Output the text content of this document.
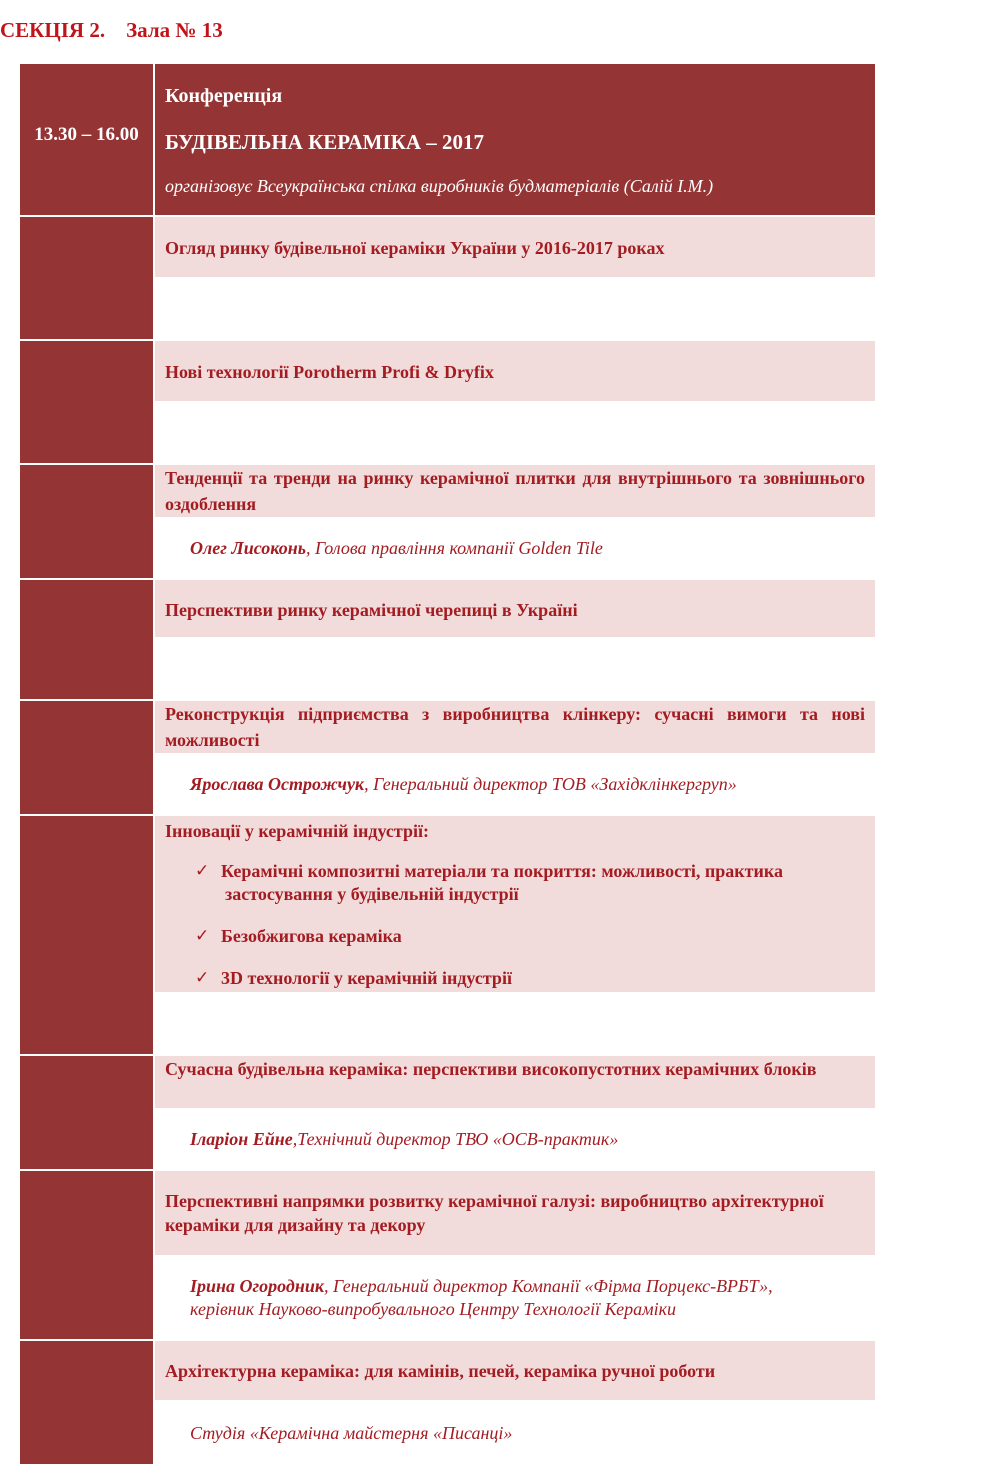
СЕКЦІЯ 2. Зала № 13
13.30 – 16.00
Конференція
БУДІВЕЛЬНА КЕРАМІКА – 2017
організовує Всеукраїнська спілка виробників будматеріалів (Салій І.М.)
Огляд ринку будівельної кераміки України у 2016-2017 роках
Нові технології Porotherm Profi & Dryfix
Тенденції та тренди на ринку керамічної плитки для внутрішнього та зовнішнього оздоблення
Олег Лисоконь, Голова правління компанії Golden Tile
Перспективи ринку керамічної черепиці в Україні
Реконструкція підприємства з виробництва клінкеру: сучасні вимоги та нові можливості
Ярослава Острожчук, Генеральний директор ТОВ «Західклінкергруп»
Інновації у керамічній індустрії:
✓ Керамічні композитні матеріали та покриття: можливості, практика
застосування у будівельній індустрії
✓ Безобжигова кераміка
✓ 3D технології у керамічній індустрії
Сучасна будівельна кераміка: перспективи високопустотних керамічних блоків
Іларіон Ейне,Технічний директор ТВО «ОСВ-практик»
Перспективні напрямки розвитку керамічної галузі: виробництво архітектурної кераміки для дизайну та декору
Ірина Огородник, Генеральний директор Компанії «Фірма Порцекс-ВРБТ»,
керівник Науково-випробувального Центру Технології Кераміки
Архітектурна кераміка: для камінів, печей, кераміка ручної роботи
Студія «Керамічна майстерня «Писанці»
